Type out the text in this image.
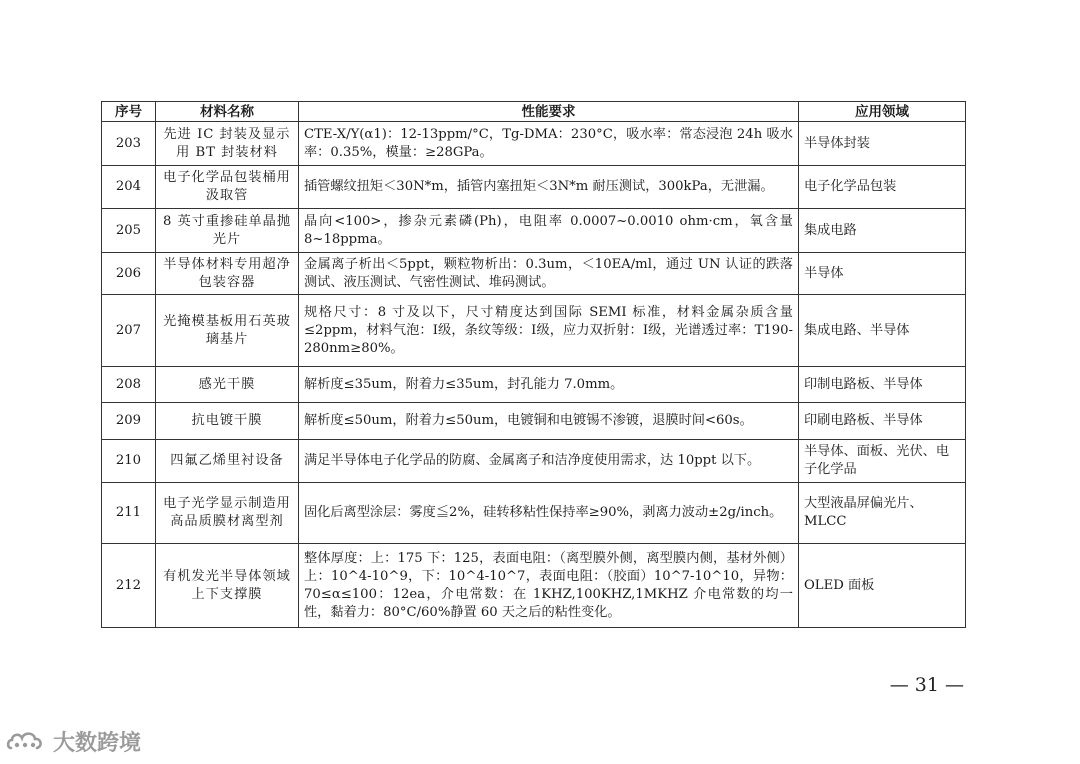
序号	材料名称	性能要求	应用领域
203	先进 IC 封装及显示用 BT 封装材料	CTE-X/Y(α1)：12-13ppm/°C，Tg-DMA：230°C，吸水率：常态浸泡 24h 吸水率：0.35%，模量：≥28GPa。	半导体封装
204	电子化学品包装桶用汲取管	插管螺纹扭矩＜30N*m，插管内塞扭矩＜3N*m 耐压测试，300kPa，无泄漏。	电子化学品包装
205	8 英寸重掺硅单晶抛光片	晶向<100>，掺杂元素磷(Ph)，电阻率 0.0007~0.0010 ohm·cm，氧含量 8~18ppma。	集成电路
206	半导体材料专用超净包装容器	金属离子析出＜5ppt，颗粒物析出：0.3um，＜10EA/ml，通过 UN 认证的跌落测试、液压测试、气密性测试、堆码测试。	半导体
207	光掩模基板用石英玻璃基片	规格尺寸：8 寸及以下，尺寸精度达到国际 SEMI 标准，材料金属杂质含量≤2ppm，材料气泡：I级，条纹等级：I级，应力双折射：I级，光谱透过率：T190-280nm≥80%。	集成电路、半导体
208	感光干膜	解析度≤35um，附着力≤35um，封孔能力 7.0mm。	印制电路板、半导体
209	抗电镀干膜	解析度≤50um，附着力≤50um，电镀铜和电镀锡不渗镀，退膜时间<60s。	印刷电路板、半导体
210	四氟乙烯里衬设备	满足半导体电子化学品的防腐、金属离子和洁净度使用需求，达 10ppt 以下。	半导体、面板、光伏、电子化学品
211	电子光学显示制造用高品质膜材离型剂	固化后离型涂层：雾度≦2%，硅转移粘性保持率≥90%，剥离力波动±2g/inch。	大型液晶屏偏光片、MLCC
212	有机发光半导体领域上下支撑膜	整体厚度：上：175 下：125，表面电阻：（离型膜外侧，离型膜内侧，基材外侧）上：10^4-10^9，下：10^4-10^7，表面电阻：（胶面）10^7-10^10，异物：70≤α≤100：12ea，介电常数：在 1KHZ,100KHZ,1MKHZ 介电常数的均一性，黏着力：80°C/60%静置 60 天之后的粘性变化。	OLED 面板
— 31 —
大数跨境
